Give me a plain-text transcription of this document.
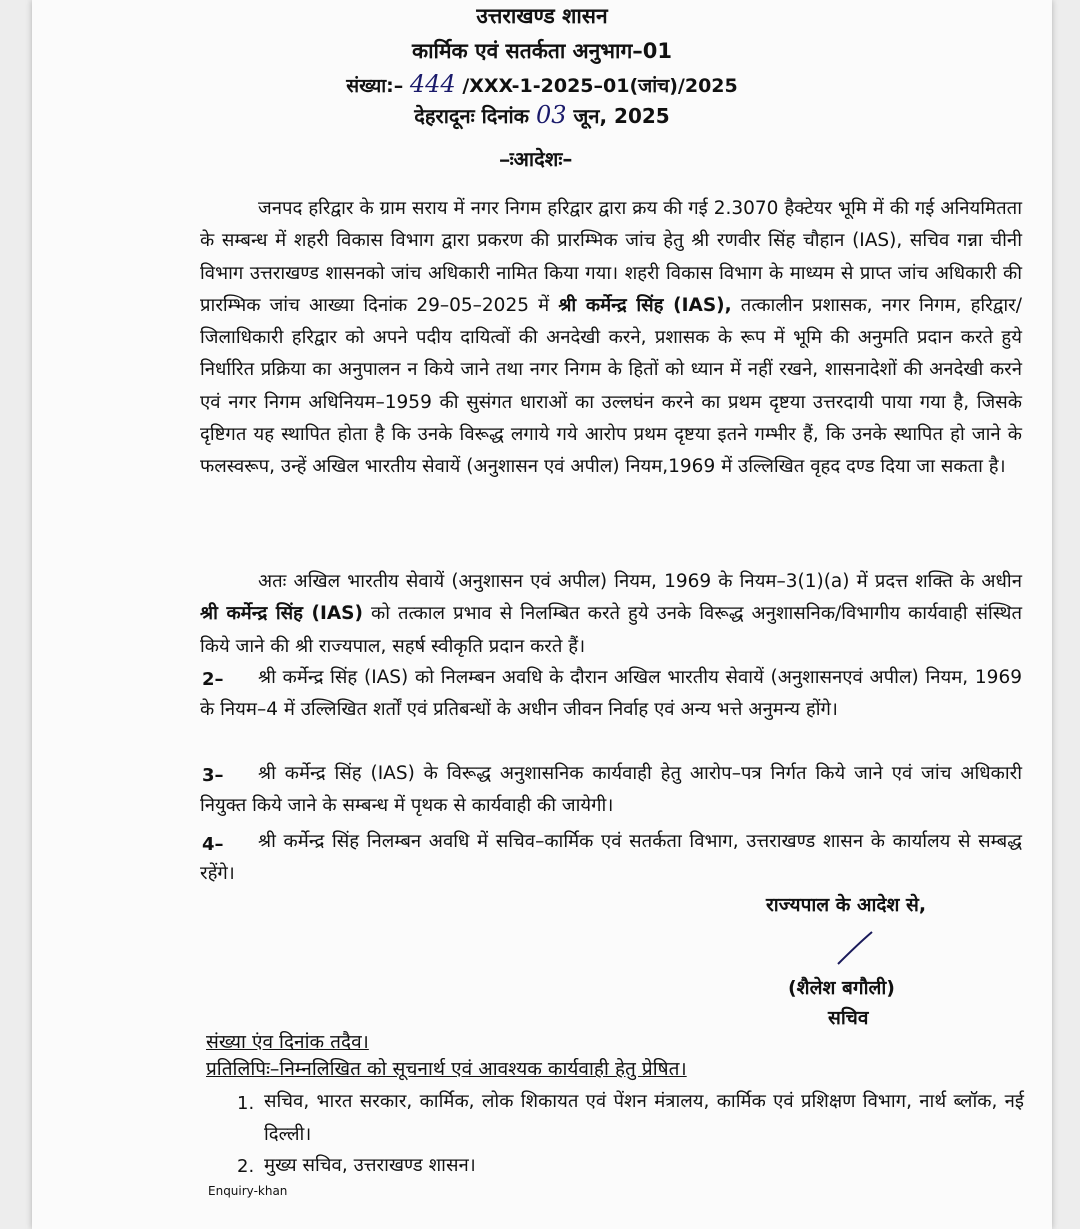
उत्तराखण्ड शासन
कार्मिक एवं सतर्कता अनुभाग–01
संख्या:– 444 /XXX-1-2025–01(जांच)/2025
देहरादूनः दिनांक 03 जून, 2025
–ःआदेशः–
जनपद हरिद्वार के ग्राम सराय में नगर निगम हरिद्वार द्वारा क्रय की गई 2.3070 हैक्टेयर भूमि में की गई अनियमितता के सम्बन्ध में शहरी विकास विभाग द्वारा प्रकरण की प्रारम्भिक जांच हेतु श्री रणवीर सिंह चौहान (IAS), सचिव गन्ना चीनी विभाग उत्तराखण्ड शासनको जांच अधिकारी नामित किया गया। शहरी विकास विभाग के माध्यम से प्राप्त जांच अधिकारी की प्रारम्भिक जांच आख्या दिनांक 29–05–2025 में श्री कर्मेन्द्र सिंह (IAS), तत्कालीन प्रशासक, नगर निगम, हरिद्वार/ जिलाधिकारी हरिद्वार को अपने पदीय दायित्वों की अनदेखी करने, प्रशासक के रूप में भूमि की अनुमति प्रदान करते हुये निर्धारित प्रक्रिया का अनुपालन न किये जाने तथा नगर निगम के हितों को ध्यान में नहीं रखने, शासनादेशों की अनदेखी करने एवं नगर निगम अधिनियम–1959 की सुसंगत धाराओं का उल्लघंन करने का प्रथम दृष्टया उत्तरदायी पाया गया है, जिसके दृष्टिगत यह स्थापित होता है कि उनके विरूद्ध लगाये गये आरोप प्रथम दृष्टया इतने गम्भीर हैं, कि उनके स्थापित हो जाने के फलस्वरूप, उन्हें अखिल भारतीय सेवायें (अनुशासन एवं अपील) नियम,1969 में उल्लिखित वृहद दण्ड दिया जा सकता है।
अतः अखिल भारतीय सेवायें (अनुशासन एवं अपील) नियम, 1969 के नियम–3(1)(a) में प्रदत्त शक्ति के अधीन श्री कर्मेन्द्र सिंह (IAS) को तत्काल प्रभाव से निलम्बित करते हुये उनके विरूद्ध अनुशासनिक/विभागीय कार्यवाही संस्थित किये जाने की श्री राज्यपाल, सहर्ष स्वीकृति प्रदान करते हैं।
2–	श्री कर्मेन्द्र सिंह (IAS) को निलम्बन अवधि के दौरान अखिल भारतीय सेवायें (अनुशासनएवं अपील) नियम, 1969 के नियम–4 में उल्लिखित शर्तों एवं प्रतिबन्धों के अधीन जीवन निर्वाह एवं अन्य भत्ते अनुमन्य होंगे।
3–	श्री कर्मेन्द्र सिंह (IAS) के विरूद्ध अनुशासनिक कार्यवाही हेतु आरोप–पत्र निर्गत किये जाने एवं जांच अधिकारी नियुक्त किये जाने के सम्बन्ध में पृथक से कार्यवाही की जायेगी।
4–	श्री कर्मेन्द्र सिंह निलम्बन अवधि में सचिव–कार्मिक एवं सतर्कता विभाग, उत्तराखण्ड शासन के कार्यालय से सम्बद्ध रहेंगे।
राज्यपाल के आदेश से,
(शैलेश बगौली)
सचिव
संख्या एंव दिनांक तदैव।
प्रतिलिपिः–निम्नलिखित को सूचनार्थ एवं आवश्यक कार्यवाही हेतु प्रेषित।
1. सचिव, भारत सरकार, कार्मिक, लोक शिकायत एवं पेंशन मंत्रालय, कार्मिक एवं प्रशिक्षण विभाग, नार्थ ब्लॉक, नई दिल्ली।
2. मुख्य सचिव, उत्तराखण्ड शासन।
Enquiry-khan
